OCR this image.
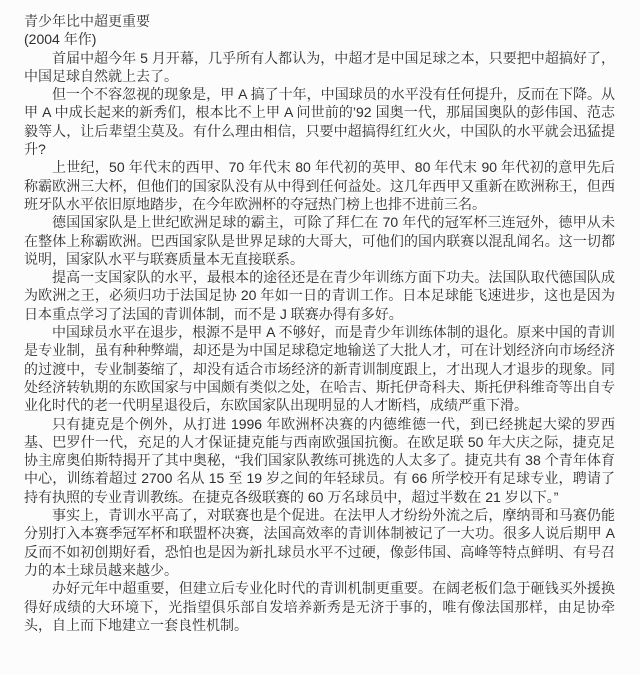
青少年比中超更重要
(2004 年作)

首届中超今年 5 月开幕，几乎所有人都认为，中超才是中国足球之本，只要把中超搞好了，中国足球自然就上去了。

但一个不容忽视的现象是，甲 A 搞了十年，中国球员的水平没有任何提升，反而在下降。从甲 A 中成长起来的新秀们，根本比不上甲 A 问世前的’92 国奥一代，那届国奥队的彭伟国、范志毅等人，让后辈望尘莫及。有什么理由相信，只要中超搞得红红火火，中国队的水平就会迅猛提升?

上世纪，50 年代末的西甲、70 年代末 80 年代初的英甲、80 年代末 90 年代初的意甲先后称霸欧洲三大杯，但他们的国家队没有从中得到任何益处。这几年西甲又重新在欧洲称王，但西班牙队水平依旧原地踏步，在今年欧洲杯的夺冠热门榜上也排不进前三名。

德国国家队是上世纪欧洲足球的霸主，可除了拜仁在 70 年代的冠军杯三连冠外，德甲从未在整体上称霸欧洲。巴西国家队是世界足球的大哥大，可他们的国内联赛以混乱闻名。这一切都说明，国家队水平与联赛质量本无直接联系。

提高一支国家队的水平，最根本的途径还是在青少年训练方面下功夫。法国队取代德国队成为欧洲之王，必须归功于法国足协 20 年如一日的青训工作。日本足球能飞速进步，这也是因为日本重点学习了法国的青训体制，而不是 J 联赛办得有多好。

中国球员水平在退步，根源不是甲 A 不够好，而是青少年训练体制的退化。原来中国的青训是专业制，虽有种种弊端，却还是为中国足球稳定地输送了大批人才，可在计划经济向市场经济的过渡中，专业制萎缩了，却没有适合市场经济的新青训制度跟上，才出现人才退步的现象。同处经济转轨期的东欧国家与中国颇有类似之处，在哈吉、斯托伊奇科夫、斯托伊科维奇等出自专业化时代的老一代明星退役后，东欧国家队出现明显的人才断档，成绩严重下滑。

只有捷克是个例外，从打进 1996 年欧洲杯决赛的内德维德一代，到已经挑起大梁的罗西基、巴罗什一代，充足的人才保证捷克能与西南欧强国抗衡。在欧足联 50 年大庆之际，捷克足协主席奥伯斯特揭开了其中奥秘，“我们国家队教练可挑选的人太多了。捷克共有 38 个青年体育中心，训练着超过 2700 名从 15 至 19 岁之间的年轻球员。有 66 所学校开有足球专业，聘请了持有执照的专业青训教练。在捷克各级联赛的 60 万名球员中，超过半数在 21 岁以下。”

事实上，青训水平高了，对联赛也是个促进。在法甲人才纷纷外流之后，摩纳哥和马赛仍能分别打入本赛季冠军杯和联盟杯决赛，法国高效率的青训体制被记了一大功。很多人说后期甲 A 反而不如初创期好看，恐怕也是因为新扎球员水平不过硬，像彭伟国、高峰等特点鲜明、有号召力的本土球员越来越少。

办好元年中超重要，但建立后专业化时代的青训机制更重要。在阔老板们急于砸钱买外援换得好成绩的大环境下，光指望俱乐部自发培养新秀是无济于事的，唯有像法国那样，由足协牵头，自上而下地建立一套良性机制。
